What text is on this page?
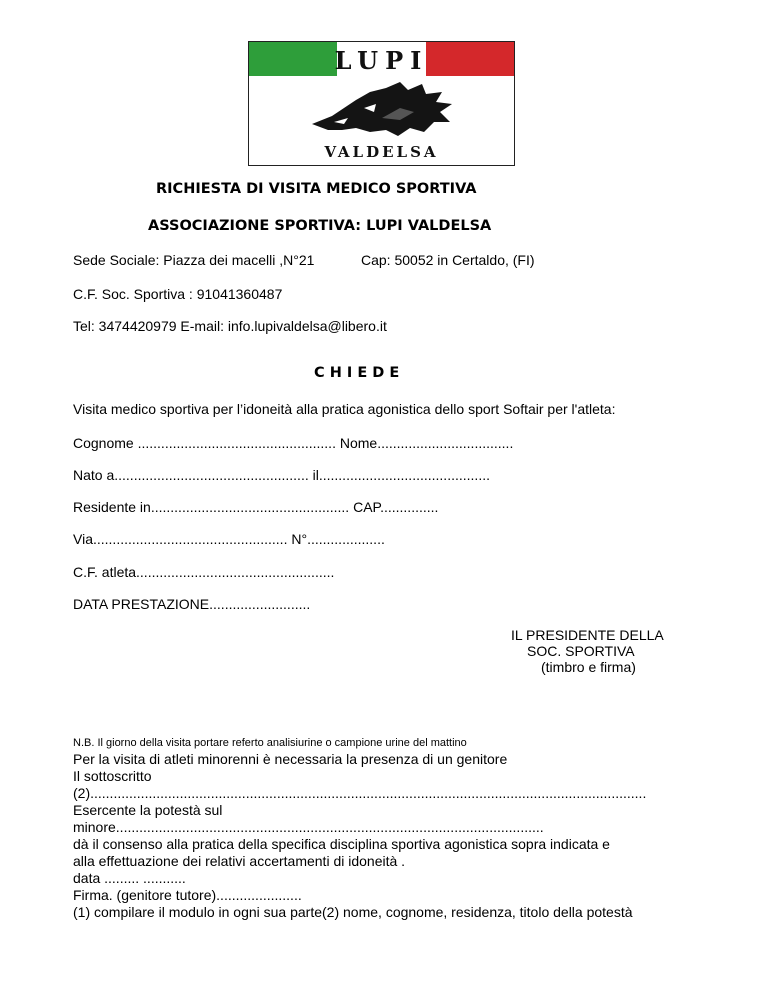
LUPI
VALDELSA
RICHIESTA DI VISITA MEDICO SPORTIVA
ASSOCIAZIONE SPORTIVA: LUPI VALDELSA
Sede Sociale: Piazza dei macelli ,N°21	Cap: 50052 in Certaldo, (FI)
C.F. Soc. Sportiva : 91041360487
Tel: 3474420979 E-mail: info.lupivaldelsa@libero.it
C H I E D E
Visita medico sportiva per l’idoneità alla pratica agonistica dello sport Softair per l'atleta:
Cognome ................................................... Nome...................................
Nato a.................................................. il............................................
Residente in................................................... CAP...............
Via.................................................. N°....................
C.F. atleta...................................................
DATA PRESTAZIONE..........................
IL PRESIDENTE DELLA
SOC. SPORTIVA
(timbro e firma)
N.B. Il giorno della visita portare referto analisiurine o campione urine del mattino
Per la visita di atleti minorenni è necessaria la presenza di un genitore
Il sottoscritto
(2)...............................................................................................................................................
Esercente la potestà sul
minore..............................................................................................................
dà il consenso alla pratica della specifica disciplina sportiva agonistica sopra indicata e
alla effettuazione dei relativi accertamenti di idoneità .
data ......... ...........
Firma. (genitore tutore)......................
(1) compilare il modulo in ogni sua parte(2) nome, cognome, residenza, titolo della potestà
